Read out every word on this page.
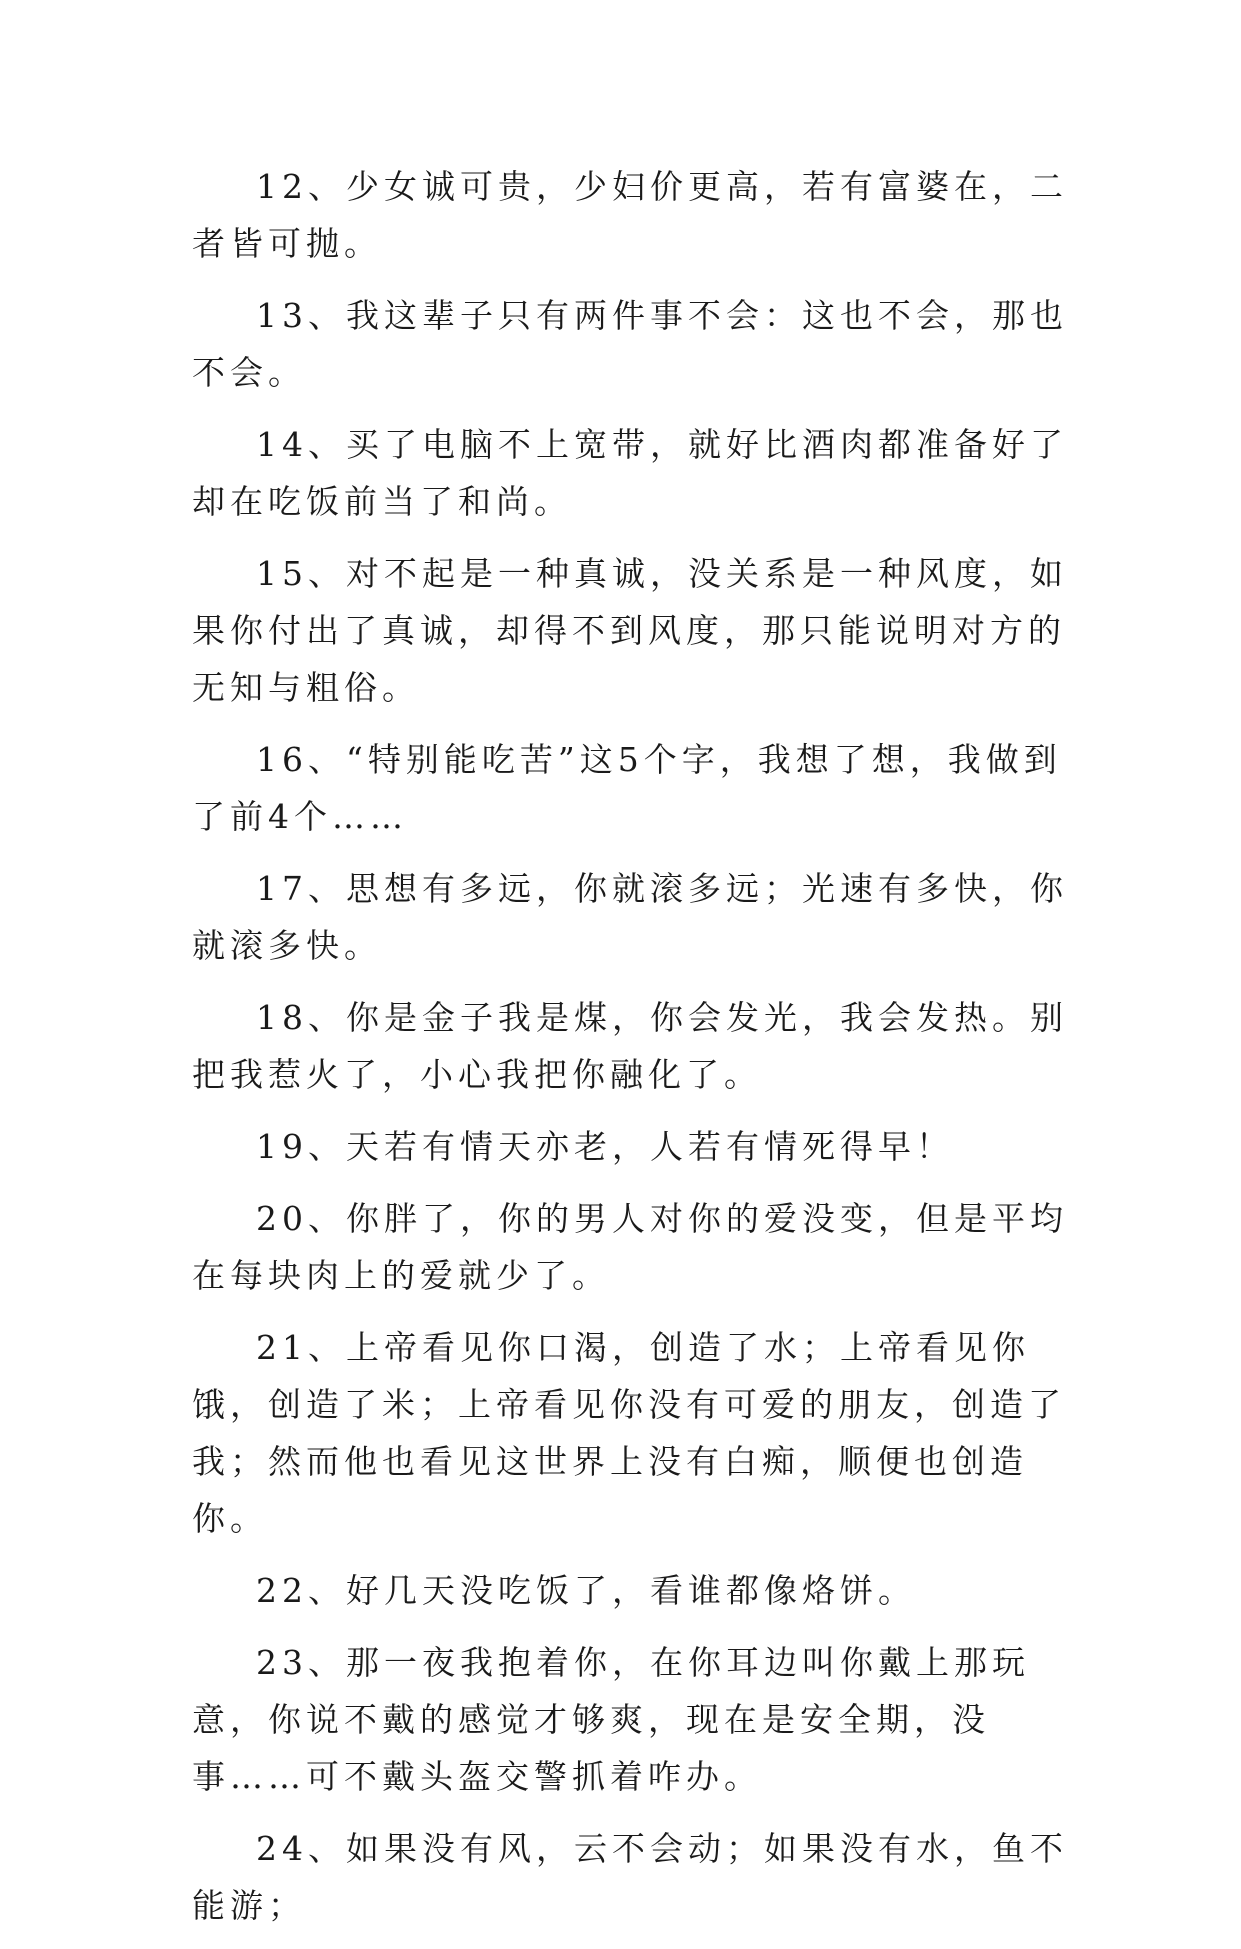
12、少女诚可贵，少妇价更高，若有富婆在，二者皆可抛。

13、我这辈子只有两件事不会：这也不会，那也不会。

14、买了电脑不上宽带，就好比酒肉都准备好了却在吃饭前当了和尚。

15、对不起是一种真诚，没关系是一种风度，如果你付出了真诚，却得不到风度，那只能说明对方的无知与粗俗。

16、“特别能吃苦”这5个字，我想了想，我做到了前4个……

17、思想有多远，你就滚多远；光速有多快，你就滚多快。

18、你是金子我是煤，你会发光，我会发热。别把我惹火了，小心我把你融化了。

19、天若有情天亦老，人若有情死得早！

20、你胖了，你的男人对你的爱没变，但是平均在每块肉上的爱就少了。

21、上帝看见你口渴，创造了水；上帝看见你饿，创造了米；上帝看见你没有可爱的朋友，创造了我；然而他也看见这世界上没有白痴，顺便也创造你。

22、好几天没吃饭了，看谁都像烙饼。

23、那一夜我抱着你，在你耳边叫你戴上那玩意，你说不戴的感觉才够爽，现在是安全期，没事……可不戴头盔交警抓着咋办。

24、如果没有风，云不会动；如果没有水，鱼不能游；
